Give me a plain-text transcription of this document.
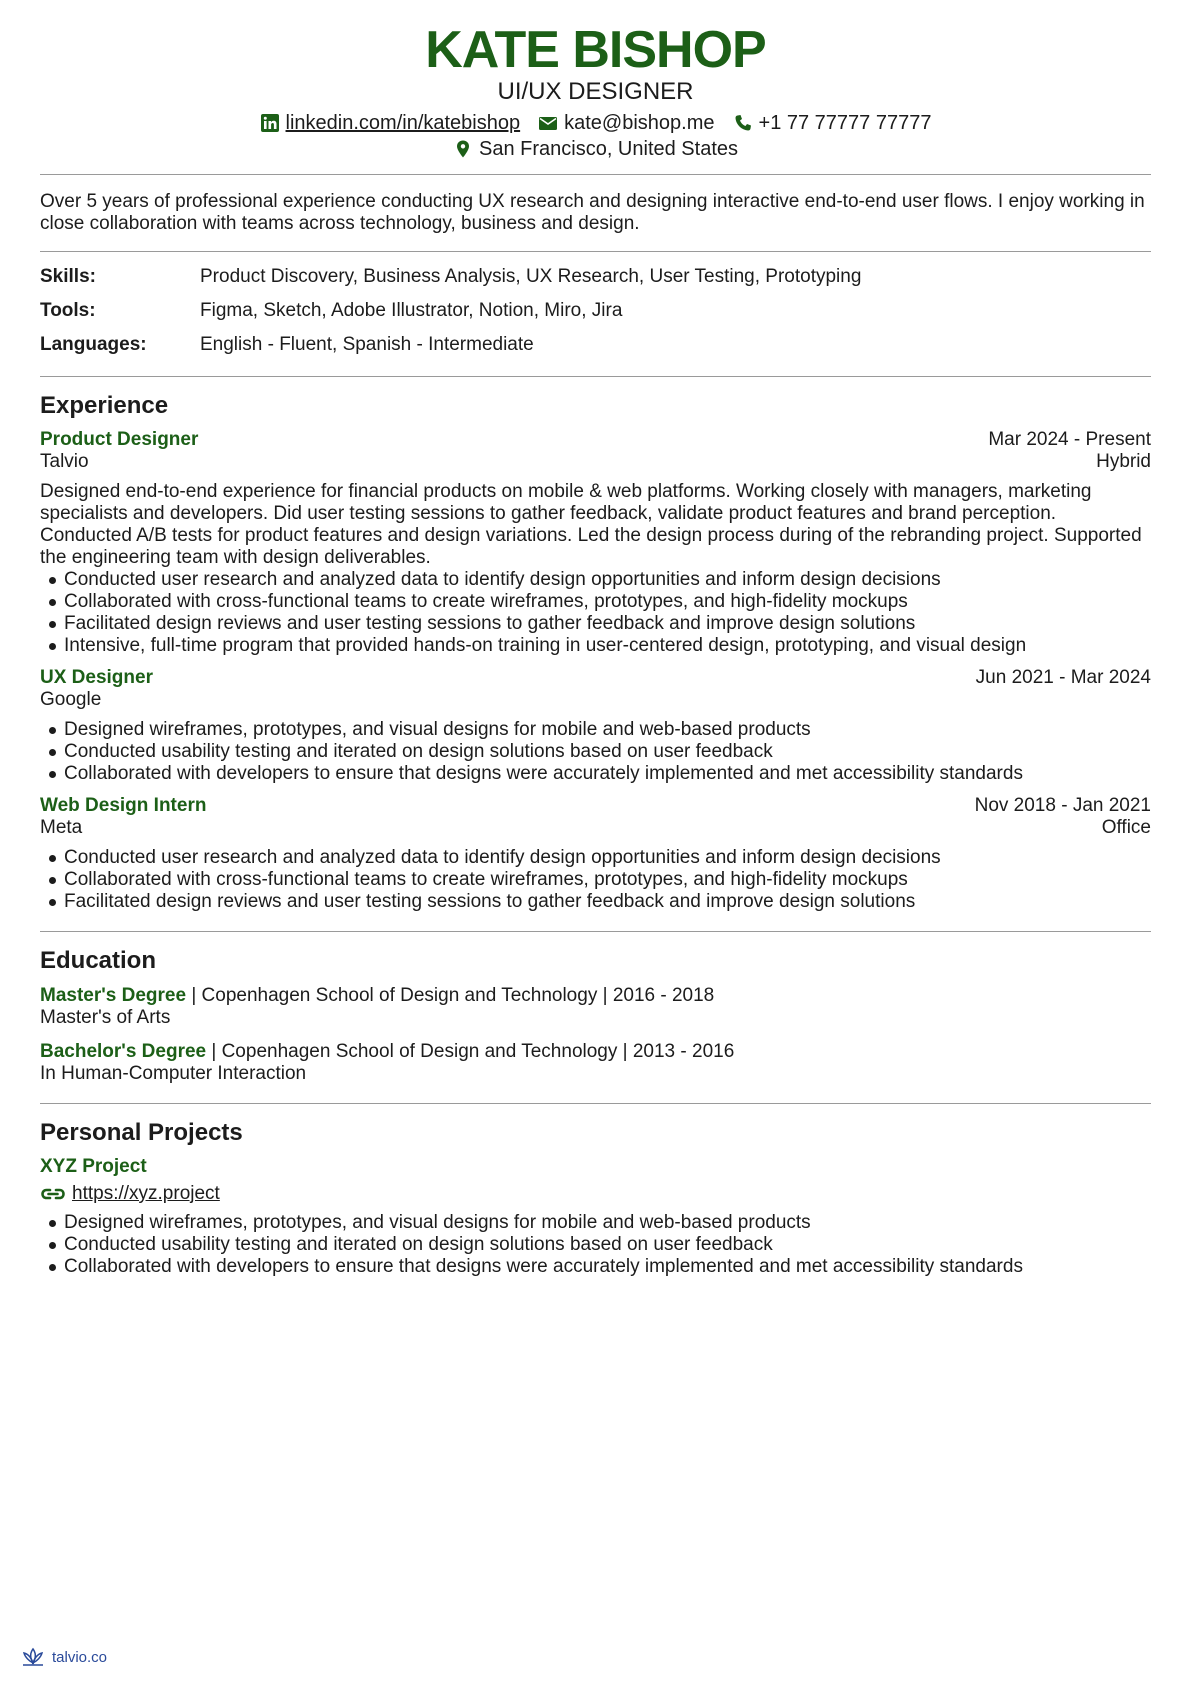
KATE BISHOP
UI/UX DESIGNER
linkedin.com/in/katebishop kate@bishop.me +1 77 77777 77777
San Francisco, United States
Over 5 years of professional experience conducting UX research and designing interactive end-to-end user flows. I enjoy working in close collaboration with teams across technology, business and design.
Skills:	Product Discovery, Business Analysis, UX Research, User Testing, Prototyping
Tools:	Figma, Sketch, Adobe Illustrator, Notion, Miro, Jira
Languages:	English - Fluent, Spanish - Intermediate
Experience
Product Designer	Mar 2024 - Present
Talvio	Hybrid
Designed end-to-end experience for financial products on mobile & web platforms. Working closely with managers, marketing specialists and developers. Did user testing sessions to gather feedback, validate product features and brand perception. Conducted A/B tests for product features and design variations. Led the design process during of the rebranding project. Supported the engineering team with design deliverables.
Conducted user research and analyzed data to identify design opportunities and inform design decisions
Collaborated with cross-functional teams to create wireframes, prototypes, and high-fidelity mockups
Facilitated design reviews and user testing sessions to gather feedback and improve design solutions
Intensive, full-time program that provided hands-on training in user-centered design, prototyping, and visual design
UX Designer	Jun 2021 - Mar 2024
Google
Designed wireframes, prototypes, and visual designs for mobile and web-based products
Conducted usability testing and iterated on design solutions based on user feedback
Collaborated with developers to ensure that designs were accurately implemented and met accessibility standards
Web Design Intern	Nov 2018 - Jan 2021
Meta	Office
Conducted user research and analyzed data to identify design opportunities and inform design decisions
Collaborated with cross-functional teams to create wireframes, prototypes, and high-fidelity mockups
Facilitated design reviews and user testing sessions to gather feedback and improve design solutions
Education
Master's Degree | Copenhagen School of Design and Technology | 2016 - 2018
Master's of Arts
Bachelor's Degree | Copenhagen School of Design and Technology | 2013 - 2016
In Human-Computer Interaction
Personal Projects
XYZ Project
https://xyz.project
Designed wireframes, prototypes, and visual designs for mobile and web-based products
Conducted usability testing and iterated on design solutions based on user feedback
Collaborated with developers to ensure that designs were accurately implemented and met accessibility standards
talvio.co
